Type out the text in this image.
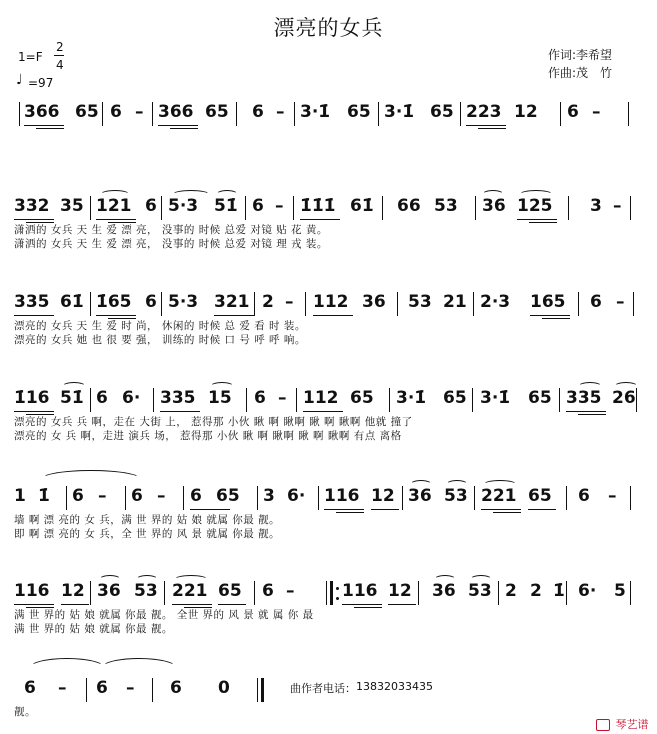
漂亮的女兵
1=F
2
4
♩ =97
作词:李希望
作曲:茂　竹
366 65 6 – 366 65 6 – 3·1̇ 65 3·1̇ 65 223 12 6 –
332 35 121 6 5·3 51̇ 6 – 1̇1̇1̇ 61̇ 66 53 36 125 3 –
潇洒的 女兵 天 生 爱 漂 亮， 没事的 时候 总爱 对镜 贴 花 黄。
潇洒的 女兵 天 生 爱 漂 亮， 没事的 时候 总爱 对镜 理 戎 装。
335 61̇ 1̇65 6 5·3 321 2 – 112 36 53 21 2·3 165 6 –
漂亮的 女兵 天 生 爱 时 尚， 休闲的 时候 总 爱 看 时 装。
漂亮的 女兵 她 也 很 要 强， 训练的 时候 口 号 呼 呼 响。
1̇16 51̇ 6 6· 335 15 6 – 112 65 3·1̇ 65 3·1̇ 65 335 26
漂亮的 女兵 兵 啊，走在 大街 上， 惹得那 小伙 瞅 啊 瞅啊 瞅 啊 瞅啊 他就 撞了
漂亮的 女 兵 啊，走进 演兵 场， 惹得那 小伙 瞅 啊 瞅啊 瞅 啊 瞅啊 有点 离格
1 1̇ 6 – 6 – 6 65 3 6· 116 12 36 53 221 65 6 –
墙 啊 漂 亮的 女 兵，满 世 界的 姑 娘 就属 你最 靓。
即 啊 漂 亮的 女 兵，全 世 界的 风 景 就属 你最 靓。
116 12 36 53 221 65 6 –	116 12 36 53 2 2 1̇ 6· 5
满 世 界的 姑 娘 就属 你最 靓。 全世 界的 风 景 就 属 你 最
满 世 界的 姑 娘 就属 你最 靓。
6 – 6 – 6 0
靓。
曲作者电话： 13832033435
琴艺谱
